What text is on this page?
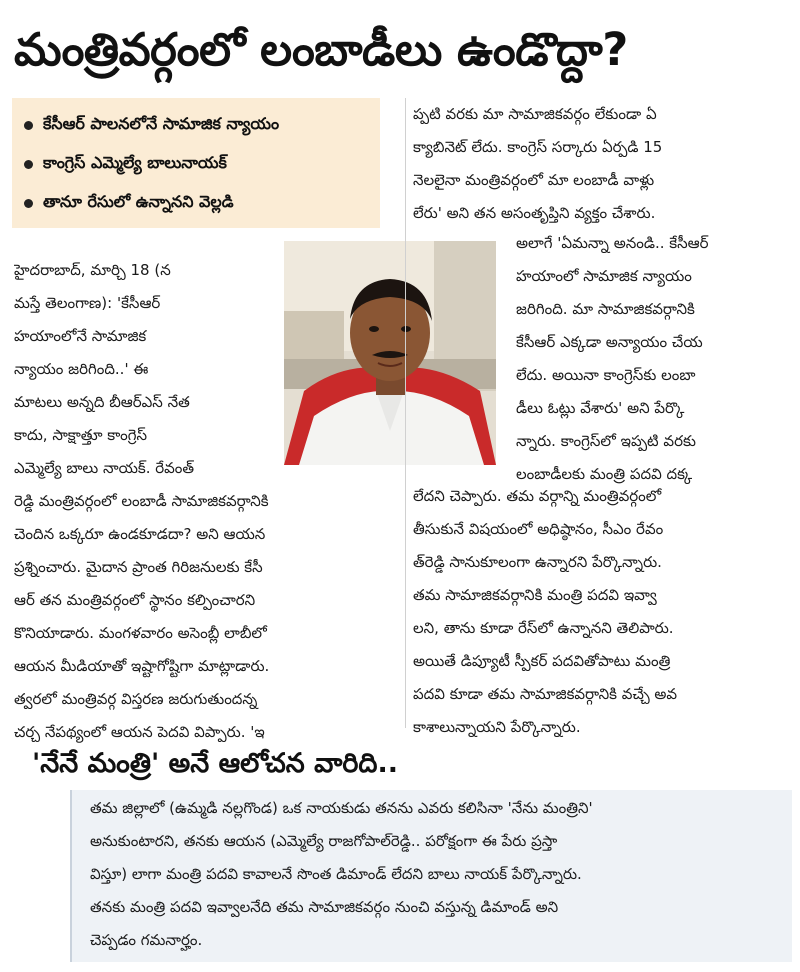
మంత్రివర్గంలో లంబాడీలు ఉండొద్దా?
కేసీఆర్ పాలనలోనే సామాజిక న్యాయం
కాంగ్రెస్ ఎమ్మెల్యే బాలునాయక్
తానూ రేసులో ఉన్నానని వెల్లడి
హైదరాబాద్, మార్చి 18 (న
మస్తే తెలంగాణ): 'కేసీఆర్
హయాంలోనే సామాజిక
న్యాయం జరిగింది..' ఈ
మాటలు అన్నది బీఆర్ఎస్ నేత
కాదు, సాక్షాత్తూ కాంగ్రెస్
ఎమ్మెల్యే బాలు నాయక్. రేవంత్
రెడ్డి మంత్రివర్గంలో లంబాడీ సామాజికవర్గానికి
చెందిన ఒక్కరూ ఉండకూడదా? అని ఆయన
ప్రశ్నించారు. మైదాన ప్రాంత గిరిజనులకు కేసీ
ఆర్ తన మంత్రివర్గంలో స్థానం కల్పించారని
కొనియాడారు. మంగళవారం అసెంబ్లీ లాబీలో
ఆయన మీడియాతో ఇష్టాగోష్టిగా మాట్లాడారు.
త్వరలో మంత్రివర్గ విస్తరణ జరుగుతుందన్న
చర్చ నేపథ్యంలో ఆయన పెదవి విప్పారు. 'ఇ
ప్పటి వరకు మా సామాజికవర్గం లేకుండా ఏ
క్యాబినెట్ లేదు. కాంగ్రెస్ సర్కారు ఏర్పడి 15
నెలలైనా మంత్రివర్గంలో మా లంబాడీ వాళ్లు
లేరు' అని తన అసంతృప్తిని వ్యక్తం చేశారు.
అలాగే 'ఏమన్నా అనండి.. కేసీఆర్
హయాంలో సామాజిక న్యాయం
జరిగింది. మా సామాజికవర్గానికి
కేసీఆర్ ఎక్కడా అన్యాయం చేయ
లేదు. అయినా కాంగ్రెస్‌కు లంబా
డీలు ఓట్లు వేశారు' అని పేర్కొ
న్నారు. కాంగ్రెస్‌లో ఇప్పటి వరకు
లంబాడీలకు మంత్రి పదవి దక్క
లేదని చెప్పారు. తమ వర్గాన్ని మంత్రివర్గంలో
తీసుకునే విషయంలో అధిష్ఠానం, సీఎం రేవం
త్‌రెడ్డి సానుకూలంగా ఉన్నారని పేర్కొన్నారు.
తమ సామాజికవర్గానికి మంత్రి పదవి ఇవ్వా
లని, తాను కూడా రేస్‌లో ఉన్నానని తెలిపారు.
అయితే డిప్యూటీ స్పీకర్ పదవితోపాటు మంత్రి
పదవి కూడా తమ సామాజికవర్గానికి వచ్చే అవ
కాశాలున్నాయని పేర్కొన్నారు.
'నేనే మంత్రి' అనే ఆలోచన వారిది..
తమ జిల్లాలో (ఉమ్మడి నల్లగొండ) ఒక నాయకుడు తనను ఎవరు కలిసినా 'నేను మంత్రిని'
అనుకుంటారని, తనకు ఆయన (ఎమ్మెల్యే రాజగోపాల్‌రెడ్డి.. పరోక్షంగా ఈ పేరు ప్రస్తా
విస్తూ) లాగా మంత్రి పదవి కావాలనే సొంత డిమాండ్ లేదని బాలు నాయక్ పేర్కొన్నారు.
తనకు మంత్రి పదవి ఇవ్వాలనేది తమ సామాజికవర్గం నుంచి వస్తున్న డిమాండ్ అని
చెప్పడం గమనార్హం.
